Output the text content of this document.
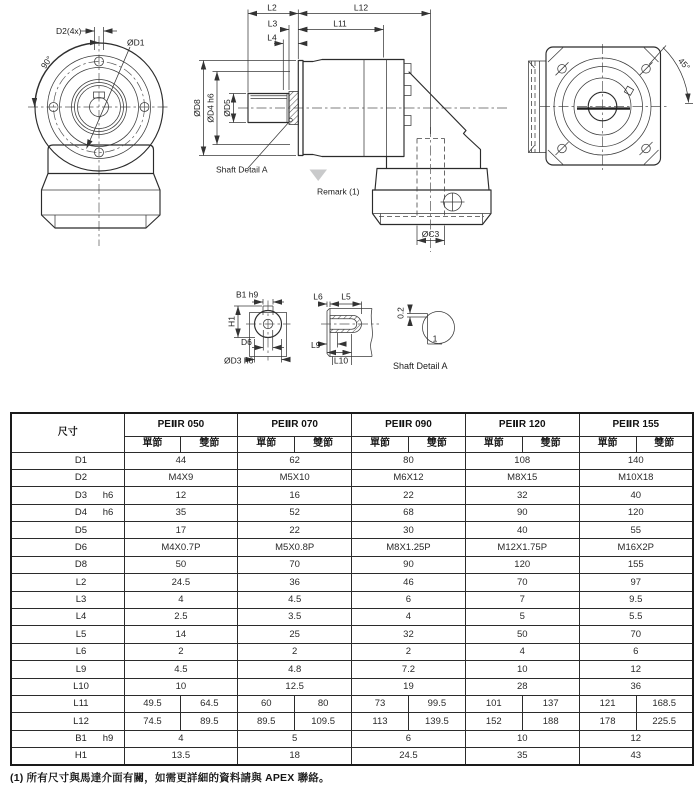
D2(4x)
ØD1
90°
ØC3
L2	L12
L3	L11
L4
ØD8 ØD4 h6 ØD5
Shaft Detail A
Remark (1)
45°
B1 h9
H1
D6
ØD3 h6
L6 L5
L9
L10
0.2
1
Shaft Detail A
尺寸	PEⅡR 050		PEⅡR 070		PEⅡR 090		PEⅡR 120		PEⅡR 155	
	單節	雙節	單節	雙節	單節	雙節	單節	雙節	單節	雙節

D1	44		62		80		108		140	

D2	M4X9		M5X10		M6X12		M8X15		M10X18	

D3 h6	12		16		22		32		40	

D4 h6	35		52		68		90		120	

D5	17		22		30		40		55	

D6	M4X0.7P		M5X0.8P		M8X1.25P		M12X1.75P		M16X2P	

D8	50		70		90		120		155	

L2	24.5		36		46		70		97	

L3	4		4.5		6		7		9.5	

L4	2.5		3.5		4		5		5.5	

L5	14		25		32		50		70	

L6	2		2		2		4		6	

L9	4.5		4.8		7.2		10		12	

L10	10		12.5		19		28		36	

L11	49.5	64.5	60	80	73	99.5	101	137	121	168.5

L12	74.5	89.5	89.5	109.5	113	139.5	152	188	178	225.5

B1 h9	4		5		6		10		12	

H1	13.5		18		24.5		35		43	
(1) 所有尺寸與馬達介面有關，如需更詳細的資料請與 APEX 聯絡。
